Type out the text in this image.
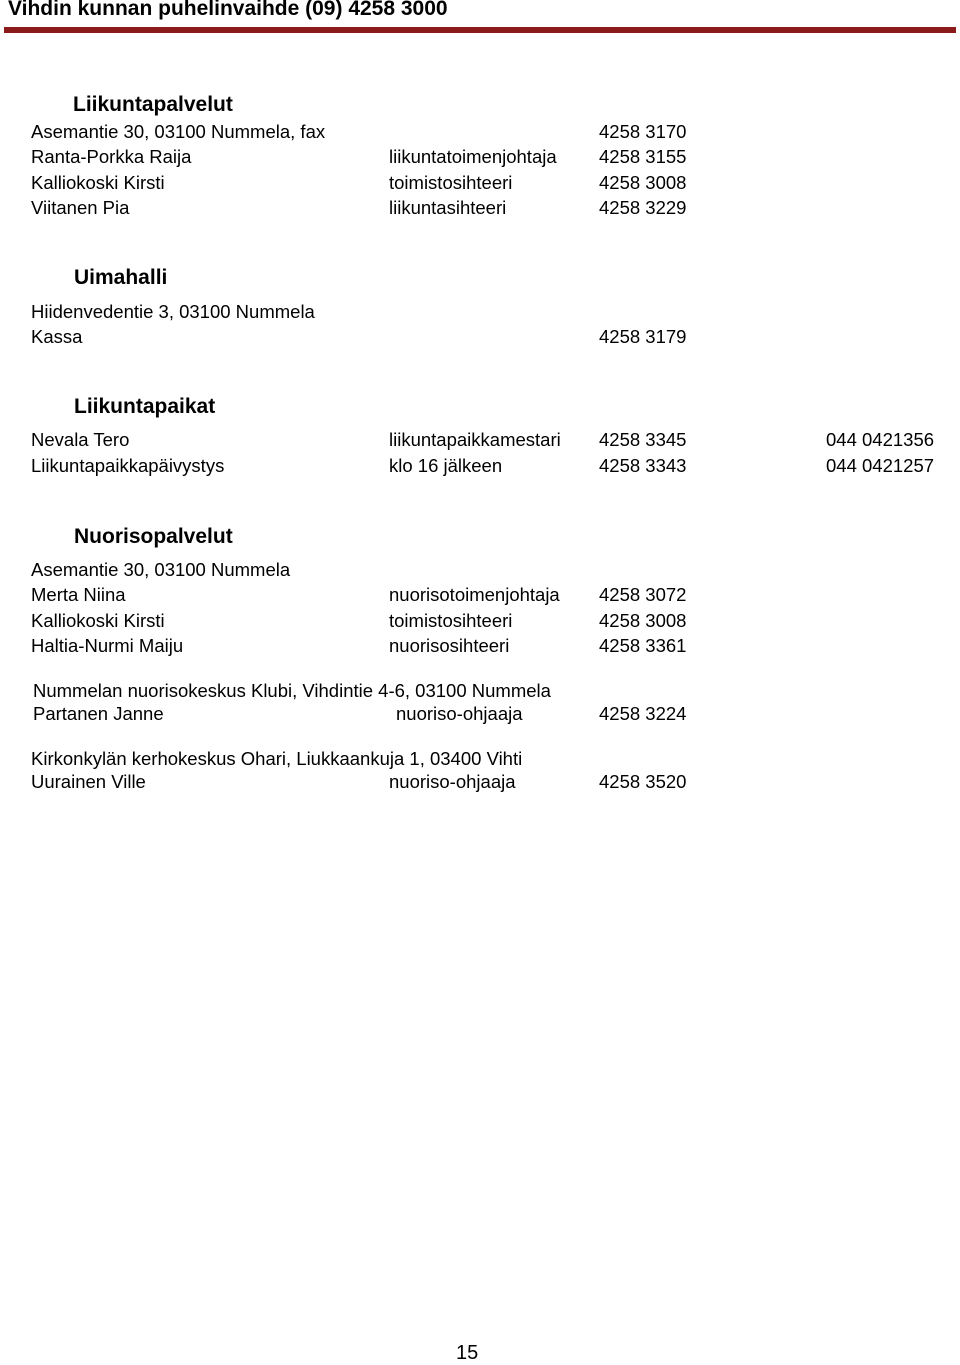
Vihdin kunnan puhelinvaihde (09) 4258 3000
Liikuntapalvelut
Asemantie 30, 03100 Nummela, fax	4258 3170
Ranta-Porkka Raija	liikuntatoimenjohtaja 4258 3155
Kalliokoski Kirsti	toimistosihteeri	4258 3008
Viitanen Pia	liikuntasihteeri	4258 3229
Uimahalli
Hiidenvedentie 3, 03100 Nummela
Kassa	4258 3179
Liikuntapaikat
Nevala Tero	liikuntapaikkamestari 4258 3345	044 0421356
Liikuntapaikkapäivystys	klo 16 jälkeen	4258 3343	044 0421257
Nuorisopalvelut
Asemantie 30, 03100 Nummela
Merta Niina	nuorisotoimenjohtaja 4258 3072
Kalliokoski Kirsti	toimistosihteeri	4258 3008
Haltia-Nurmi Maiju	nuorisosihteeri	4258 3361
Nummelan nuorisokeskus Klubi, Vihdintie 4-6, 03100 Nummela
Partanen Janne	nuoriso-ohjaaja	4258 3224
Kirkonkylän kerhokeskus Ohari, Liukkaankuja 1, 03400 Vihti
Uurainen Ville	nuoriso-ohjaaja	4258 3520
15
